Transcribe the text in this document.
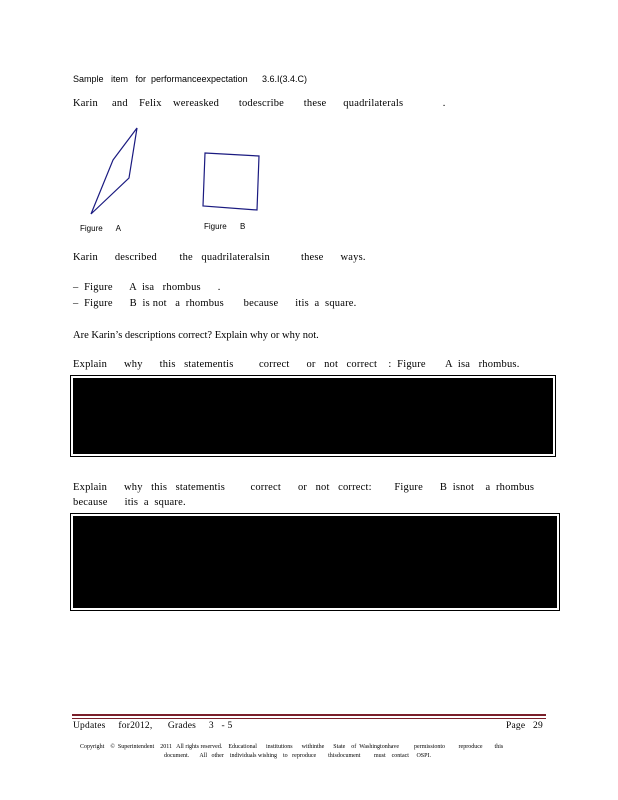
Sample   item   for  performanceexpectation 3.6.I(3.4.C)
Karin     and    Felix    wereasked       todescribe       these      quadrilaterals              .
Figure      A	Figure      B
Karin      described        the   quadrilateralsin           these      ways.
–  Figure      A  isa   rhombus      .
–  Figure      B  is not   a  rhombus       because      itis  a  square.
Are Karin’s descriptions correct? Explain why or why not.
Explain      why      this   statementis         correct      or   not   correct    :  Figure       A  isa   rhombus.
Explain      why   this   statementis         correct      or   not   correct:        Figure      B  isnot    a  rhombus
because      itis  a  square.
Updates     for2012,      Grades     3   - 5	Page   29
Copyright    ©  Superintendent    2011   All rights reserved.    Educational      institutions      withinthe      State    of  Washingtonhave          permissionto         reproduce        this
document.       All   other    individuals wishing    to   reproduce        thisdocument         must    contact     OSPI.
